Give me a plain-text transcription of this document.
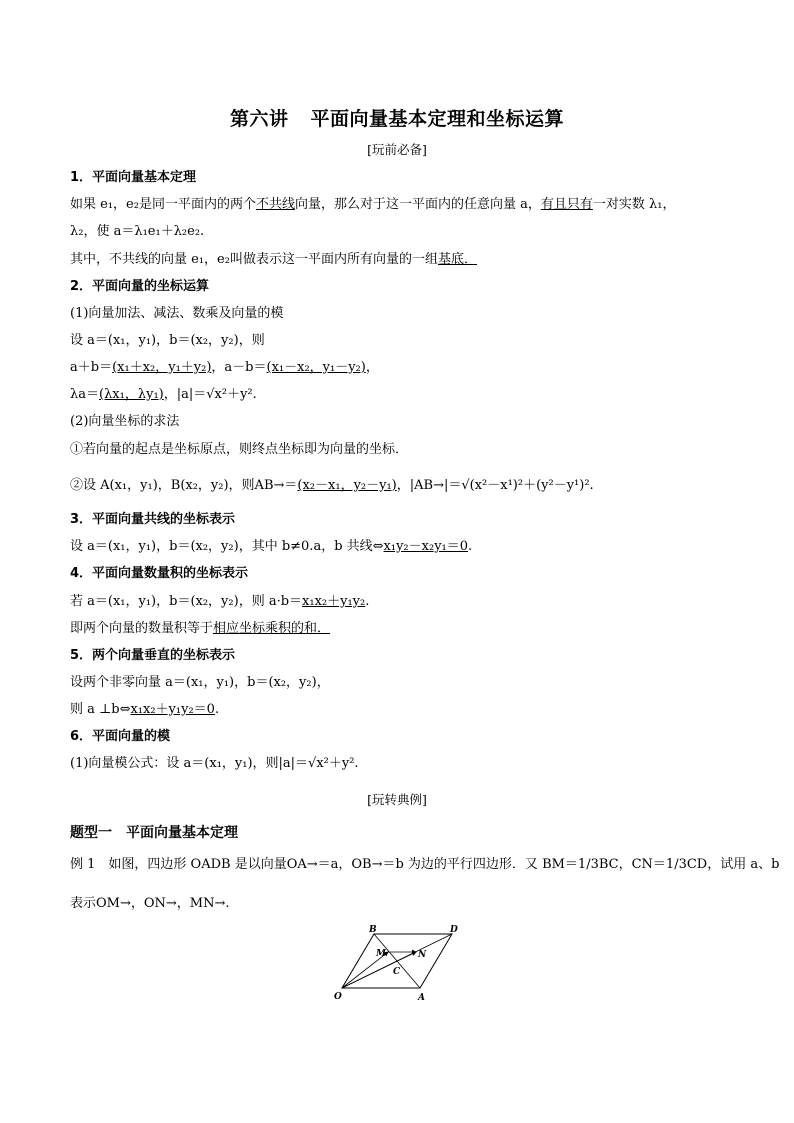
第六讲 平面向量基本定理和坐标运算
[玩前必备]
1．平面向量基本定理
如果 e₁，e₂是同一平面内的两个不共线向量，那么对于这一平面内的任意向量 a，有且只有一对实数 λ₁，
λ₂，使 a＝λ₁e₁＋λ₂e₂.
其中，不共线的向量 e₁，e₂叫做表示这一平面内所有向量的一组基底．
2．平面向量的坐标运算
(1)向量加法、减法、数乘及向量的模
设 a＝(x₁，y₁)，b＝(x₂，y₂)，则
a＋b＝(x₁＋x₂，y₁＋y₂)，a－b＝(x₁－x₂，y₁－y₂)，
λa＝(λx₁，λy₁)，|a|＝√x²＋y².
(2)向量坐标的求法
①若向量的起点是坐标原点，则终点坐标即为向量的坐标．
②设 A(x₁，y₁)，B(x₂，y₂)，则AB→＝(x₂－x₁，y₂－y₁)，|AB→|＝√(x²－x¹)²＋(y²－y¹)².
3．平面向量共线的坐标表示
设 a＝(x₁，y₁)，b＝(x₂，y₂)，其中 b≠0.a，b 共线⇔x₁y₂－x₂y₁＝0.
4．平面向量数量积的坐标表示
若 a＝(x₁，y₁)，b＝(x₂，y₂)，则 a·b＝x₁x₂＋y₁y₂.
即两个向量的数量积等于相应坐标乘积的和．
5．两个向量垂直的坐标表示
设两个非零向量 a＝(x₁，y₁)，b＝(x₂，y₂)，
则 a ⊥b⇔x₁x₂＋y₁y₂＝0.
6．平面向量的模
(1)向量模公式：设 a＝(x₁，y₁)，则|a|＝√x²＋y².
[玩转典例]
题型一　平面向量基本定理
例 1　如图，四边形 OADB 是以向量OA→＝a，OB→＝b 为边的平行四边形．又 BM＝1/3BC，CN＝1/3CD，试用 a、b
表示OM→，ON→，MN→.
O	A
B	D
M	N
C
